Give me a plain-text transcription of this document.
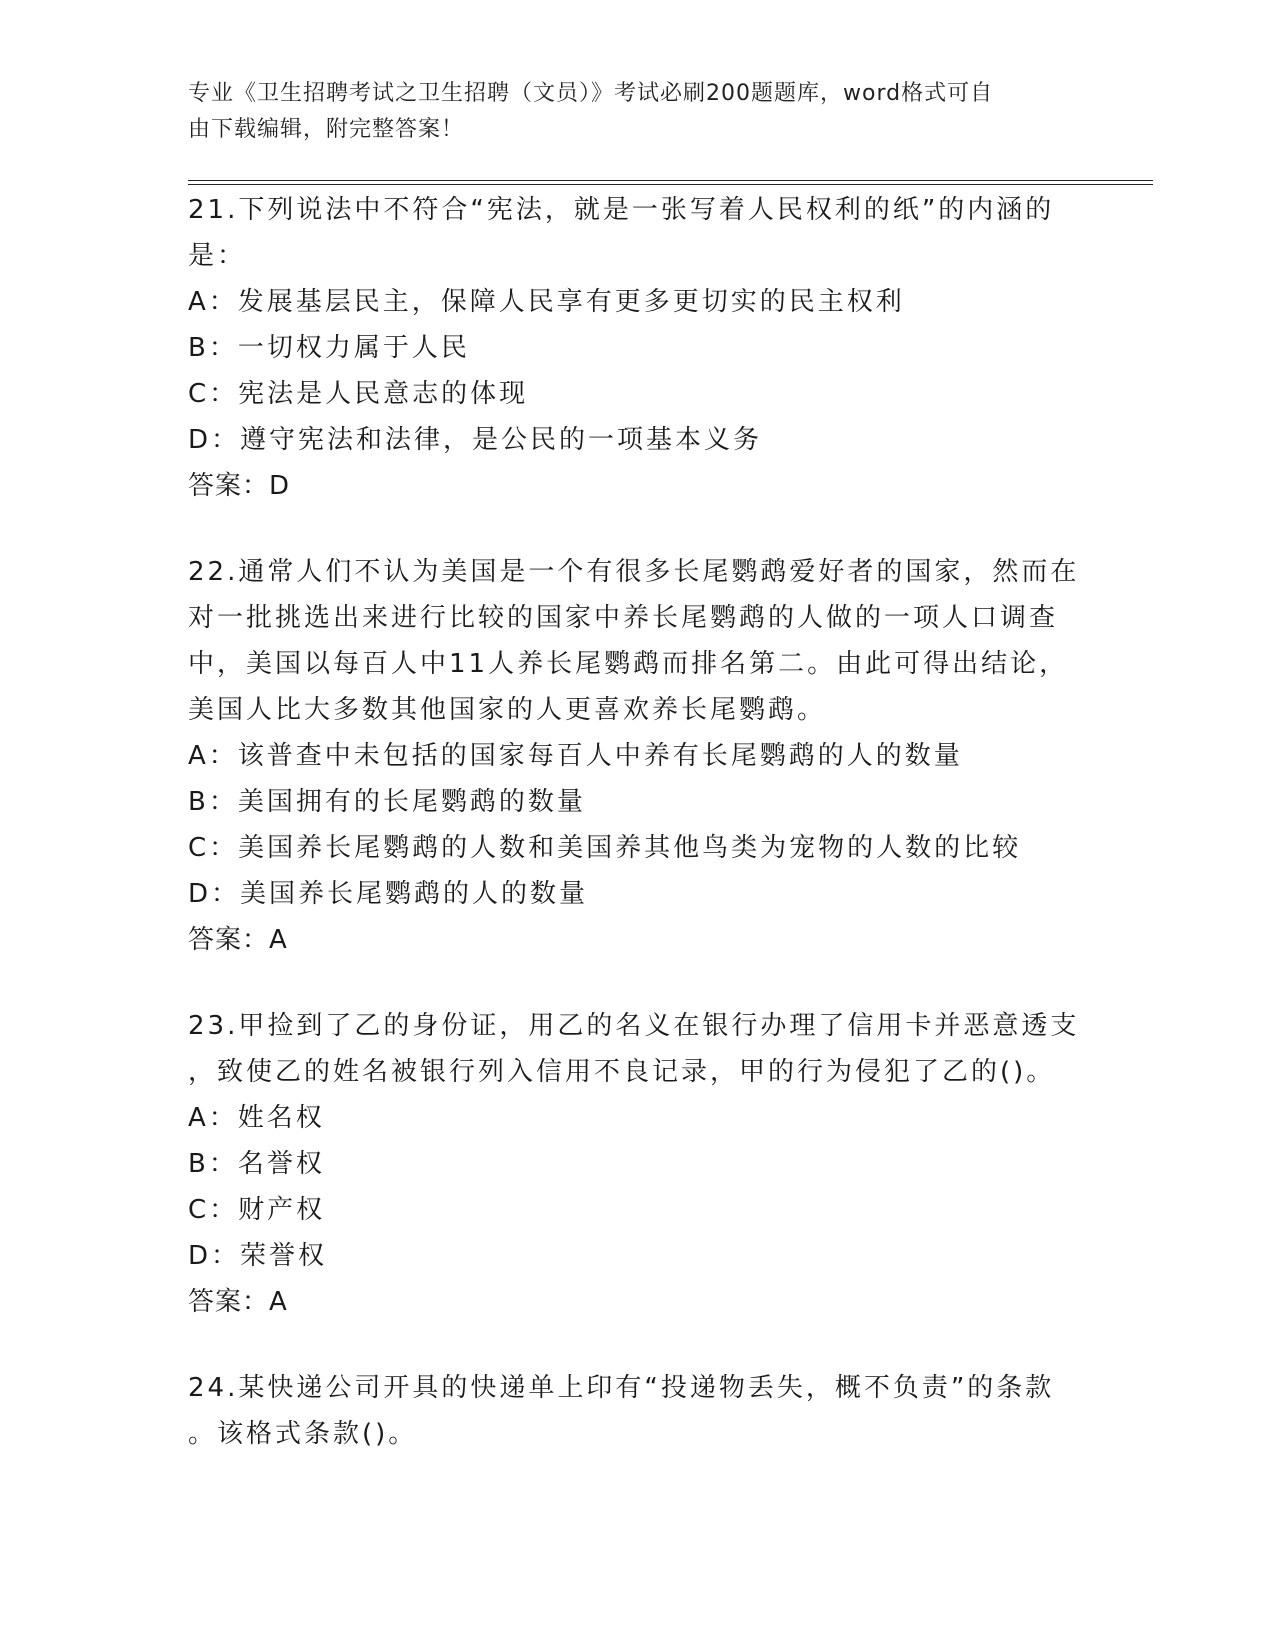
专业《卫生招聘考试之卫生招聘（文员）》考试必刷200题题库，word格式可自
由下载编辑，附完整答案！
21.下列说法中不符合“宪法，就是一张写着人民权利的纸”的内涵的
是：
A：发展基层民主，保障人民享有更多更切实的民主权利
B：一切权力属于人民
C：宪法是人民意志的体现
D：遵守宪法和法律，是公民的一项基本义务
答案：D
22.通常人们不认为美国是一个有很多长尾鹦鹉爱好者的国家，然而在
对一批挑选出来进行比较的国家中养长尾鹦鹉的人做的一项人口调查
中，美国以每百人中11人养长尾鹦鹉而排名第二。由此可得出结论，
美国人比大多数其他国家的人更喜欢养长尾鹦鹉。
A：该普查中未包括的国家每百人中养有长尾鹦鹉的人的数量
B：美国拥有的长尾鹦鹉的数量
C：美国养长尾鹦鹉的人数和美国养其他鸟类为宠物的人数的比较
D：美国养长尾鹦鹉的人的数量
答案：A
23.甲捡到了乙的身份证，用乙的名义在银行办理了信用卡并恶意透支
，致使乙的姓名被银行列入信用不良记录，甲的行为侵犯了乙的()。
A：姓名权
B：名誉权
C：财产权
D：荣誉权
答案：A
24.某快递公司开具的快递单上印有“投递物丢失，概不负责”的条款
。该格式条款()。
